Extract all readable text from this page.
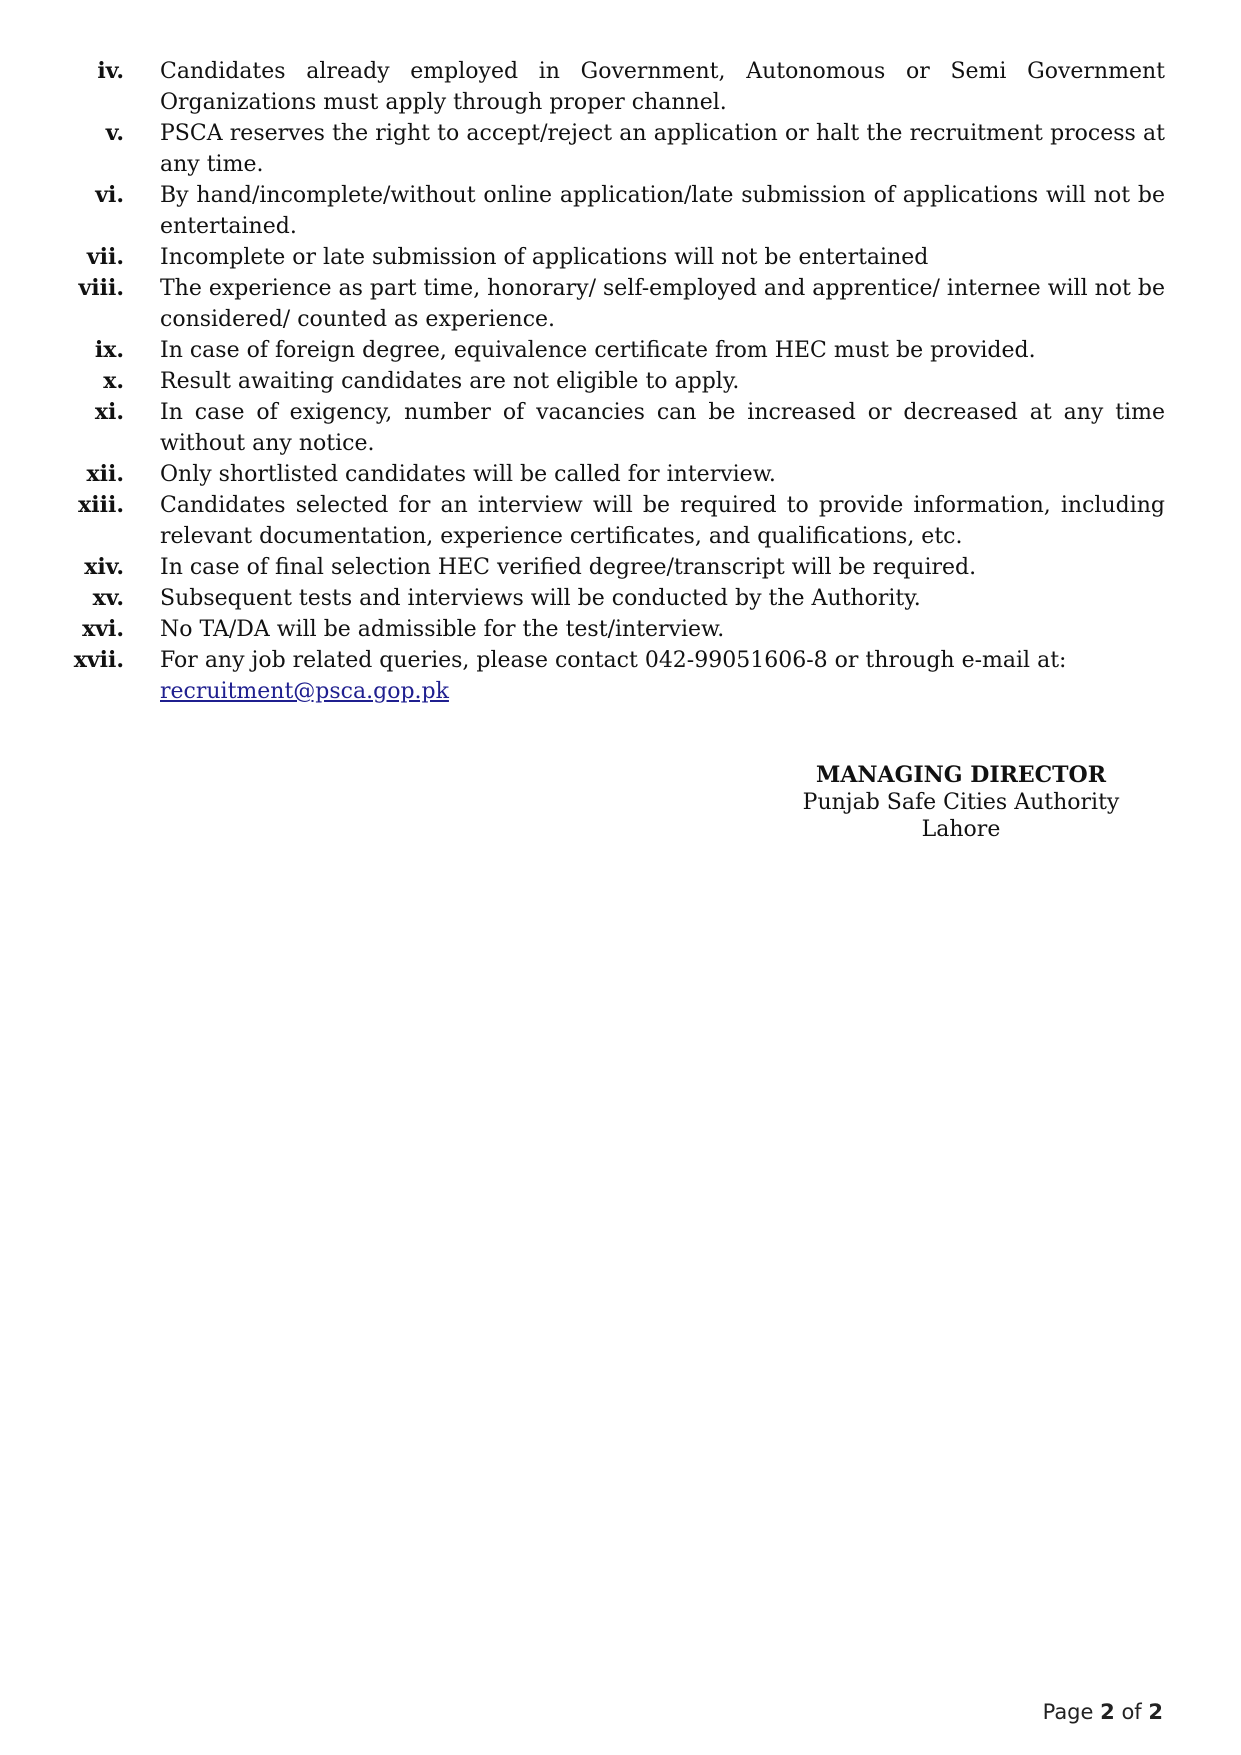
iv. Candidates already employed in Government, Autonomous or Semi Government Organizations must apply through proper channel.
v. PSCA reserves the right to accept/reject an application or halt the recruitment process at any time.
vi. By hand/incomplete/without online application/late submission of applications will not be entertained.
vii. Incomplete or late submission of applications will not be entertained
viii. The experience as part time, honorary/ self-employed and apprentice/ internee will not be considered/ counted as experience.
ix. In case of foreign degree, equivalence certificate from HEC must be provided.
x. Result awaiting candidates are not eligible to apply.
xi. In case of exigency, number of vacancies can be increased or decreased at any time without any notice.
xii. Only shortlisted candidates will be called for interview.
xiii. Candidates selected for an interview will be required to provide information, including relevant documentation, experience certificates, and qualifications, etc.
xiv. In case of final selection HEC verified degree/transcript will be required.
xv. Subsequent tests and interviews will be conducted by the Authority.
xvi. No TA/DA will be admissible for the test/interview.
xvii. For any job related queries, please contact 042-99051606-8 or through e-mail at:
recruitment@psca.gop.pk
MANAGING DIRECTOR
Punjab Safe Cities Authority
Lahore
Page 2 of 2
